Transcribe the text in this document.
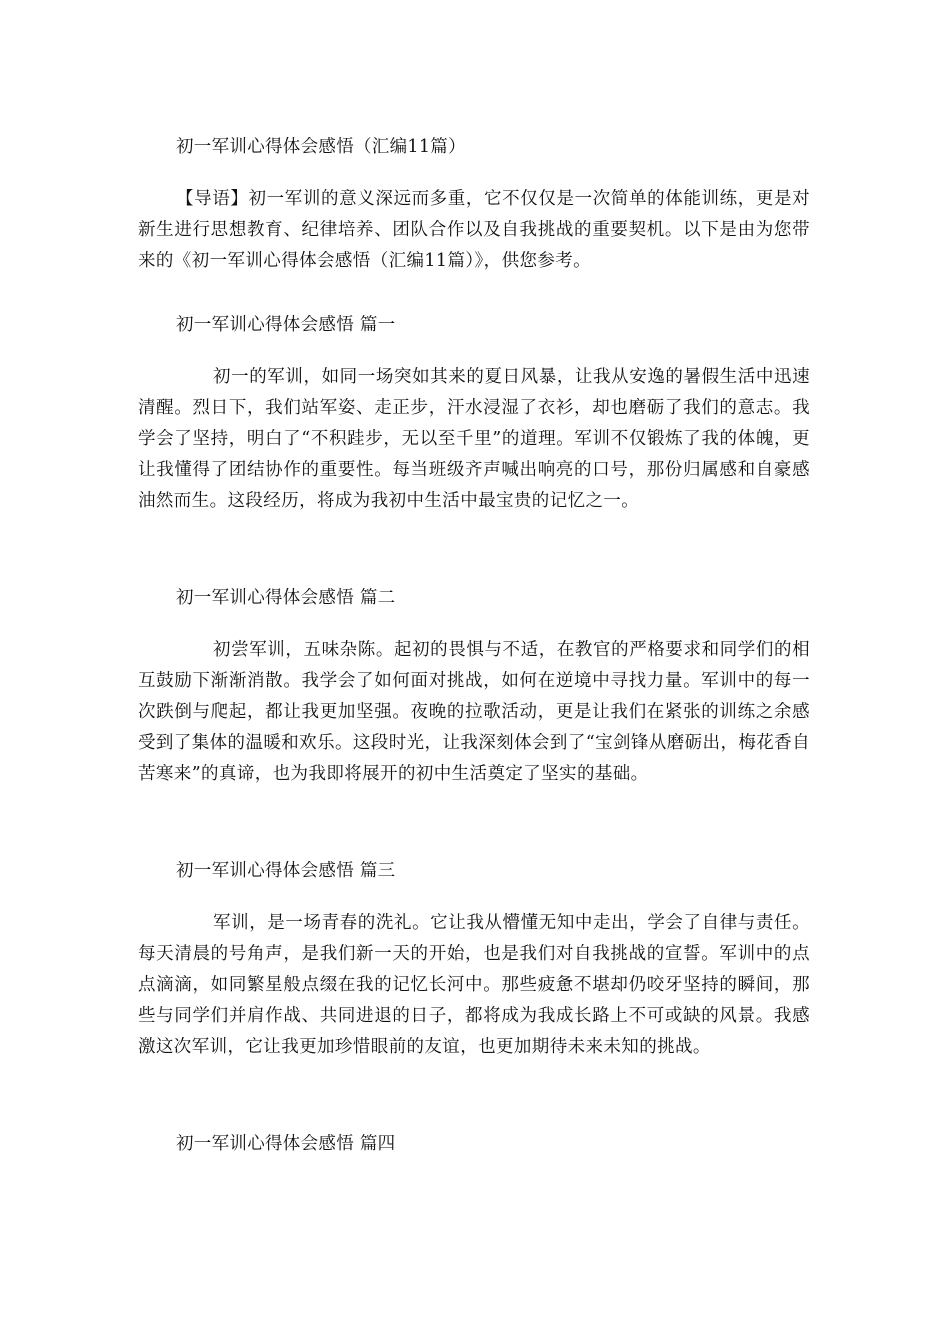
初一军训心得体会感悟（汇编11篇）

【导语】初一军训的意义深远而多重，它不仅仅是一次简单的体能训练，更是对新生进行思想教育、纪律培养、团队合作以及自我挑战的重要契机。以下是由为您带来的《初一军训心得体会感悟（汇编11篇）》，供您参考。

初一军训心得体会感悟 篇一

初一的军训，如同一场突如其来的夏日风暴，让我从安逸的暑假生活中迅速清醒。烈日下，我们站军姿、走正步，汗水浸湿了衣衫，却也磨砺了我们的意志。我学会了坚持，明白了“不积跬步，无以至千里”的道理。军训不仅锻炼了我的体魄，更让我懂得了团结协作的重要性。每当班级齐声喊出响亮的口号，那份归属感和自豪感油然而生。这段经历，将成为我初中生活中最宝贵的记忆之一。

初一军训心得体会感悟 篇二

初尝军训，五味杂陈。起初的畏惧与不适，在教官的严格要求和同学们的相互鼓励下渐渐消散。我学会了如何面对挑战，如何在逆境中寻找力量。军训中的每一次跌倒与爬起，都让我更加坚强。夜晚的拉歌活动，更是让我们在紧张的训练之余感受到了集体的温暖和欢乐。这段时光，让我深刻体会到了“宝剑锋从磨砺出，梅花香自苦寒来”的真谛，也为我即将展开的初中生活奠定了坚实的基础。

初一军训心得体会感悟 篇三

军训，是一场青春的洗礼。它让我从懵懂无知中走出，学会了自律与责任。每天清晨的号角声，是我们新一天的开始，也是我们对自我挑战的宣誓。军训中的点点滴滴，如同繁星般点缀在我的记忆长河中。那些疲惫不堪却仍咬牙坚持的瞬间，那些与同学们并肩作战、共同进退的日子，都将成为我成长路上不可或缺的风景。我感激这次军训，它让我更加珍惜眼前的友谊，也更加期待未来未知的挑战。

初一军训心得体会感悟 篇四
